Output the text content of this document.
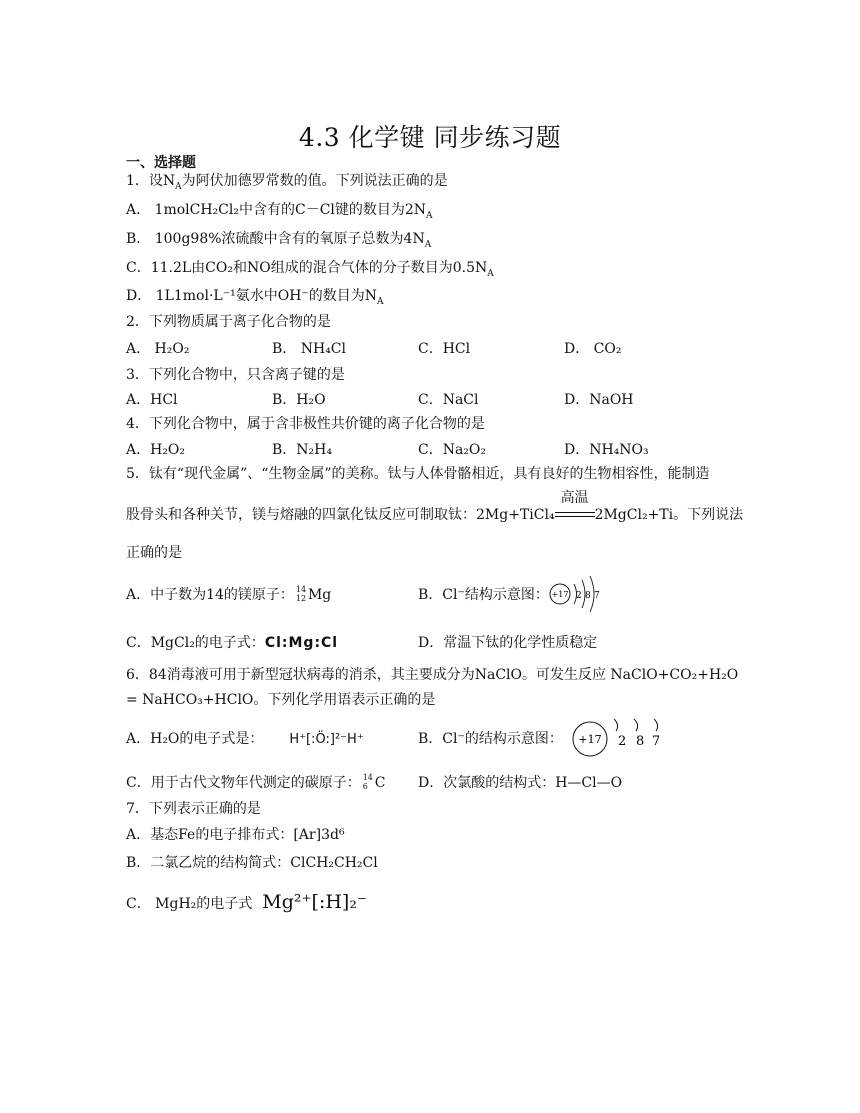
4.3 化学键 同步练习题
一、选择题
1．设$N_A$为阿伏加德罗常数的值。下列说法正确的是
A． 1molCH₂Cl₂中含有的C－Cl键的数目为$2N_A$
B． 100g98%浓硫酸中含有的氧原子总数为$4N_A$
C．11.2L由CO₂和NO组成的混合气体的分子数目为$0.5N_A$
D． 1L1mol·L⁻¹氨水中OH⁻的数目为$N_A$
2．下列物质属于离子化合物的是
A． H₂O₂	B． NH₄Cl	C．HCl	D． CO₂
3．下列化合物中，只含离子键的是
A．HCl	B．H₂O	C．NaCl	D．NaOH
4．下列化合物中，属于含非极性共价键的离子化合物的是
A．H₂O₂	B．N₂H₄	C．Na₂O₂	D．NH₄NO₃
5．钛有“现代金属”、“生物金属”的美称。钛与人体骨骼相近，具有良好的生物相容性，能制造
股骨头和各种关节，镁与熔融的四氯化钛反应可制取钛：2Mg+TiCl₄
高温
2MgCl₂+Ti。下列说法
正确的是
A．中子数为14的镁原子： 14
12 Mg	B．Cl⁻结构示意图： +17 2 8 7
C．MgCl₂的电子式：Cl:Mg:Cl	D．常温下钛的化学性质稳定
6．84消毒液可用于新型冠状病毒的消杀，其主要成分为NaClO。可发生反应 NaClO+CO₂+H₂O
= NaHCO₃+HClO。下列化学用语表示正确的是
A．H₂O的电子式是： H⁺[:Ö:]²⁻H⁺	B．Cl⁻的结构示意图： +17 2 8 7
C．用于古代文物年代测定的碳原子： 14
6 C D．次氯酸的结构式：H—Cl—O
7．下列表示正确的是
A．基态Fe的电子排布式：[Ar]3d⁶
B．二氯乙烷的结构简式：ClCH₂CH₂Cl
C． MgH₂的电子式 Mg²⁺[:H]₂⁻
